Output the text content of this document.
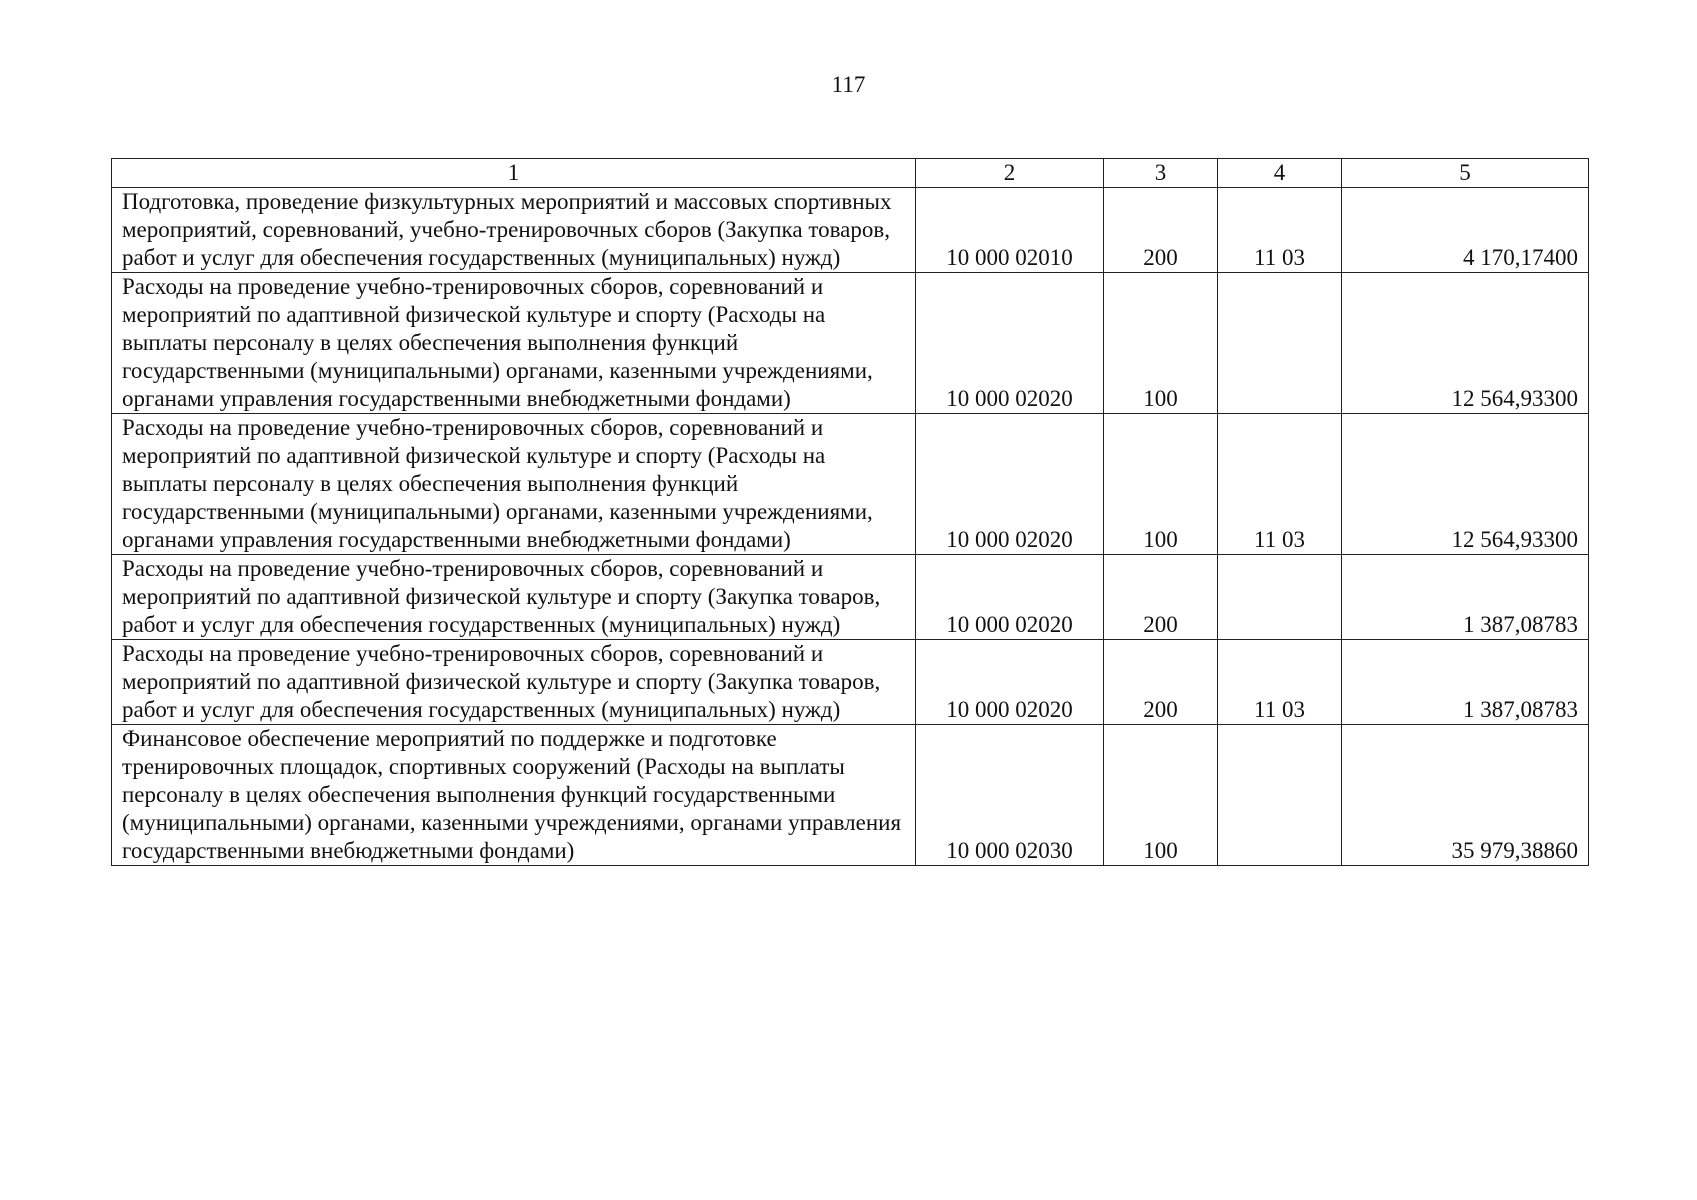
117
1	2	3	4	5
Подготовка, проведение физкультурных мероприятий и массовых спортивных мероприятий, соревнований, учебно-тренировочных сборов (Закупка товаров, работ и услуг для обеспечения государственных (муниципальных) нужд)	10 000 02010	200	11 03	4 170,17400
Расходы на проведение учебно-тренировочных сборов, соревнований и мероприятий по адаптивной физической культуре и спорту (Расходы на выплаты персоналу в целях обеспечения выполнения функций государственными (муниципальными) органами, казенными учреждениями, органами управления государственными внебюджетными фондами)	10 000 02020	100		12 564,93300
Расходы на проведение учебно-тренировочных сборов, соревнований и мероприятий по адаптивной физической культуре и спорту (Расходы на выплаты персоналу в целях обеспечения выполнения функций государственными (муниципальными) органами, казенными учреждениями, органами управления государственными внебюджетными фондами)	10 000 02020	100	11 03	12 564,93300
Расходы на проведение учебно-тренировочных сборов, соревнований и мероприятий по адаптивной физической культуре и спорту (Закупка товаров, работ и услуг для обеспечения государственных (муниципальных) нужд)	10 000 02020	200		1 387,08783
Расходы на проведение учебно-тренировочных сборов, соревнований и мероприятий по адаптивной физической культуре и спорту (Закупка товаров, работ и услуг для обеспечения государственных (муниципальных) нужд)	10 000 02020	200	11 03	1 387,08783
Финансовое обеспечение мероприятий по поддержке и подготовке тренировочных площадок, спортивных сооружений (Расходы на выплаты персоналу в целях обеспечения выполнения функций государственными (муниципальными) органами, казенными учреждениями, органами управления государственными внебюджетными фондами)	10 000 02030	100		35 979,38860
